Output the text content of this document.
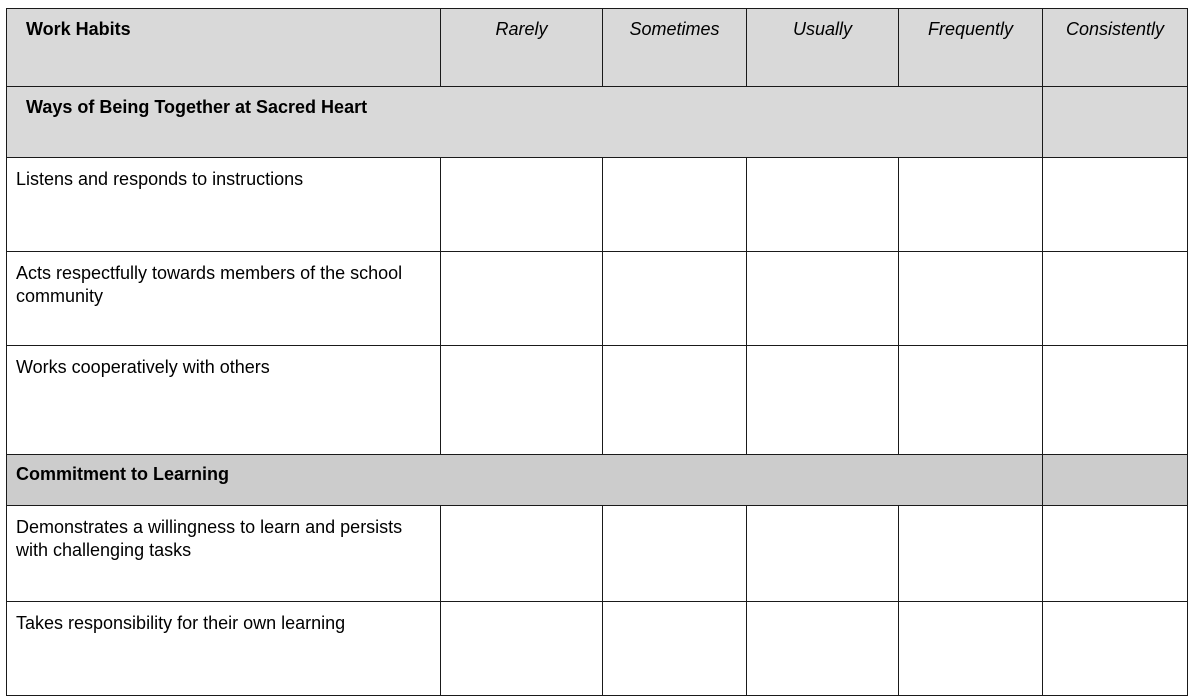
Work Habits	Rarely	Sometimes	Usually	Frequently	Consistently
Ways of Being Together at Sacred Heart					
Listens and responds to instructions					
Acts respectfully towards members of the school community					
Works cooperatively with others					
Commitment to Learning					
Demonstrates a willingness to learn and persists with challenging tasks					
Takes responsibility for their own learning					
